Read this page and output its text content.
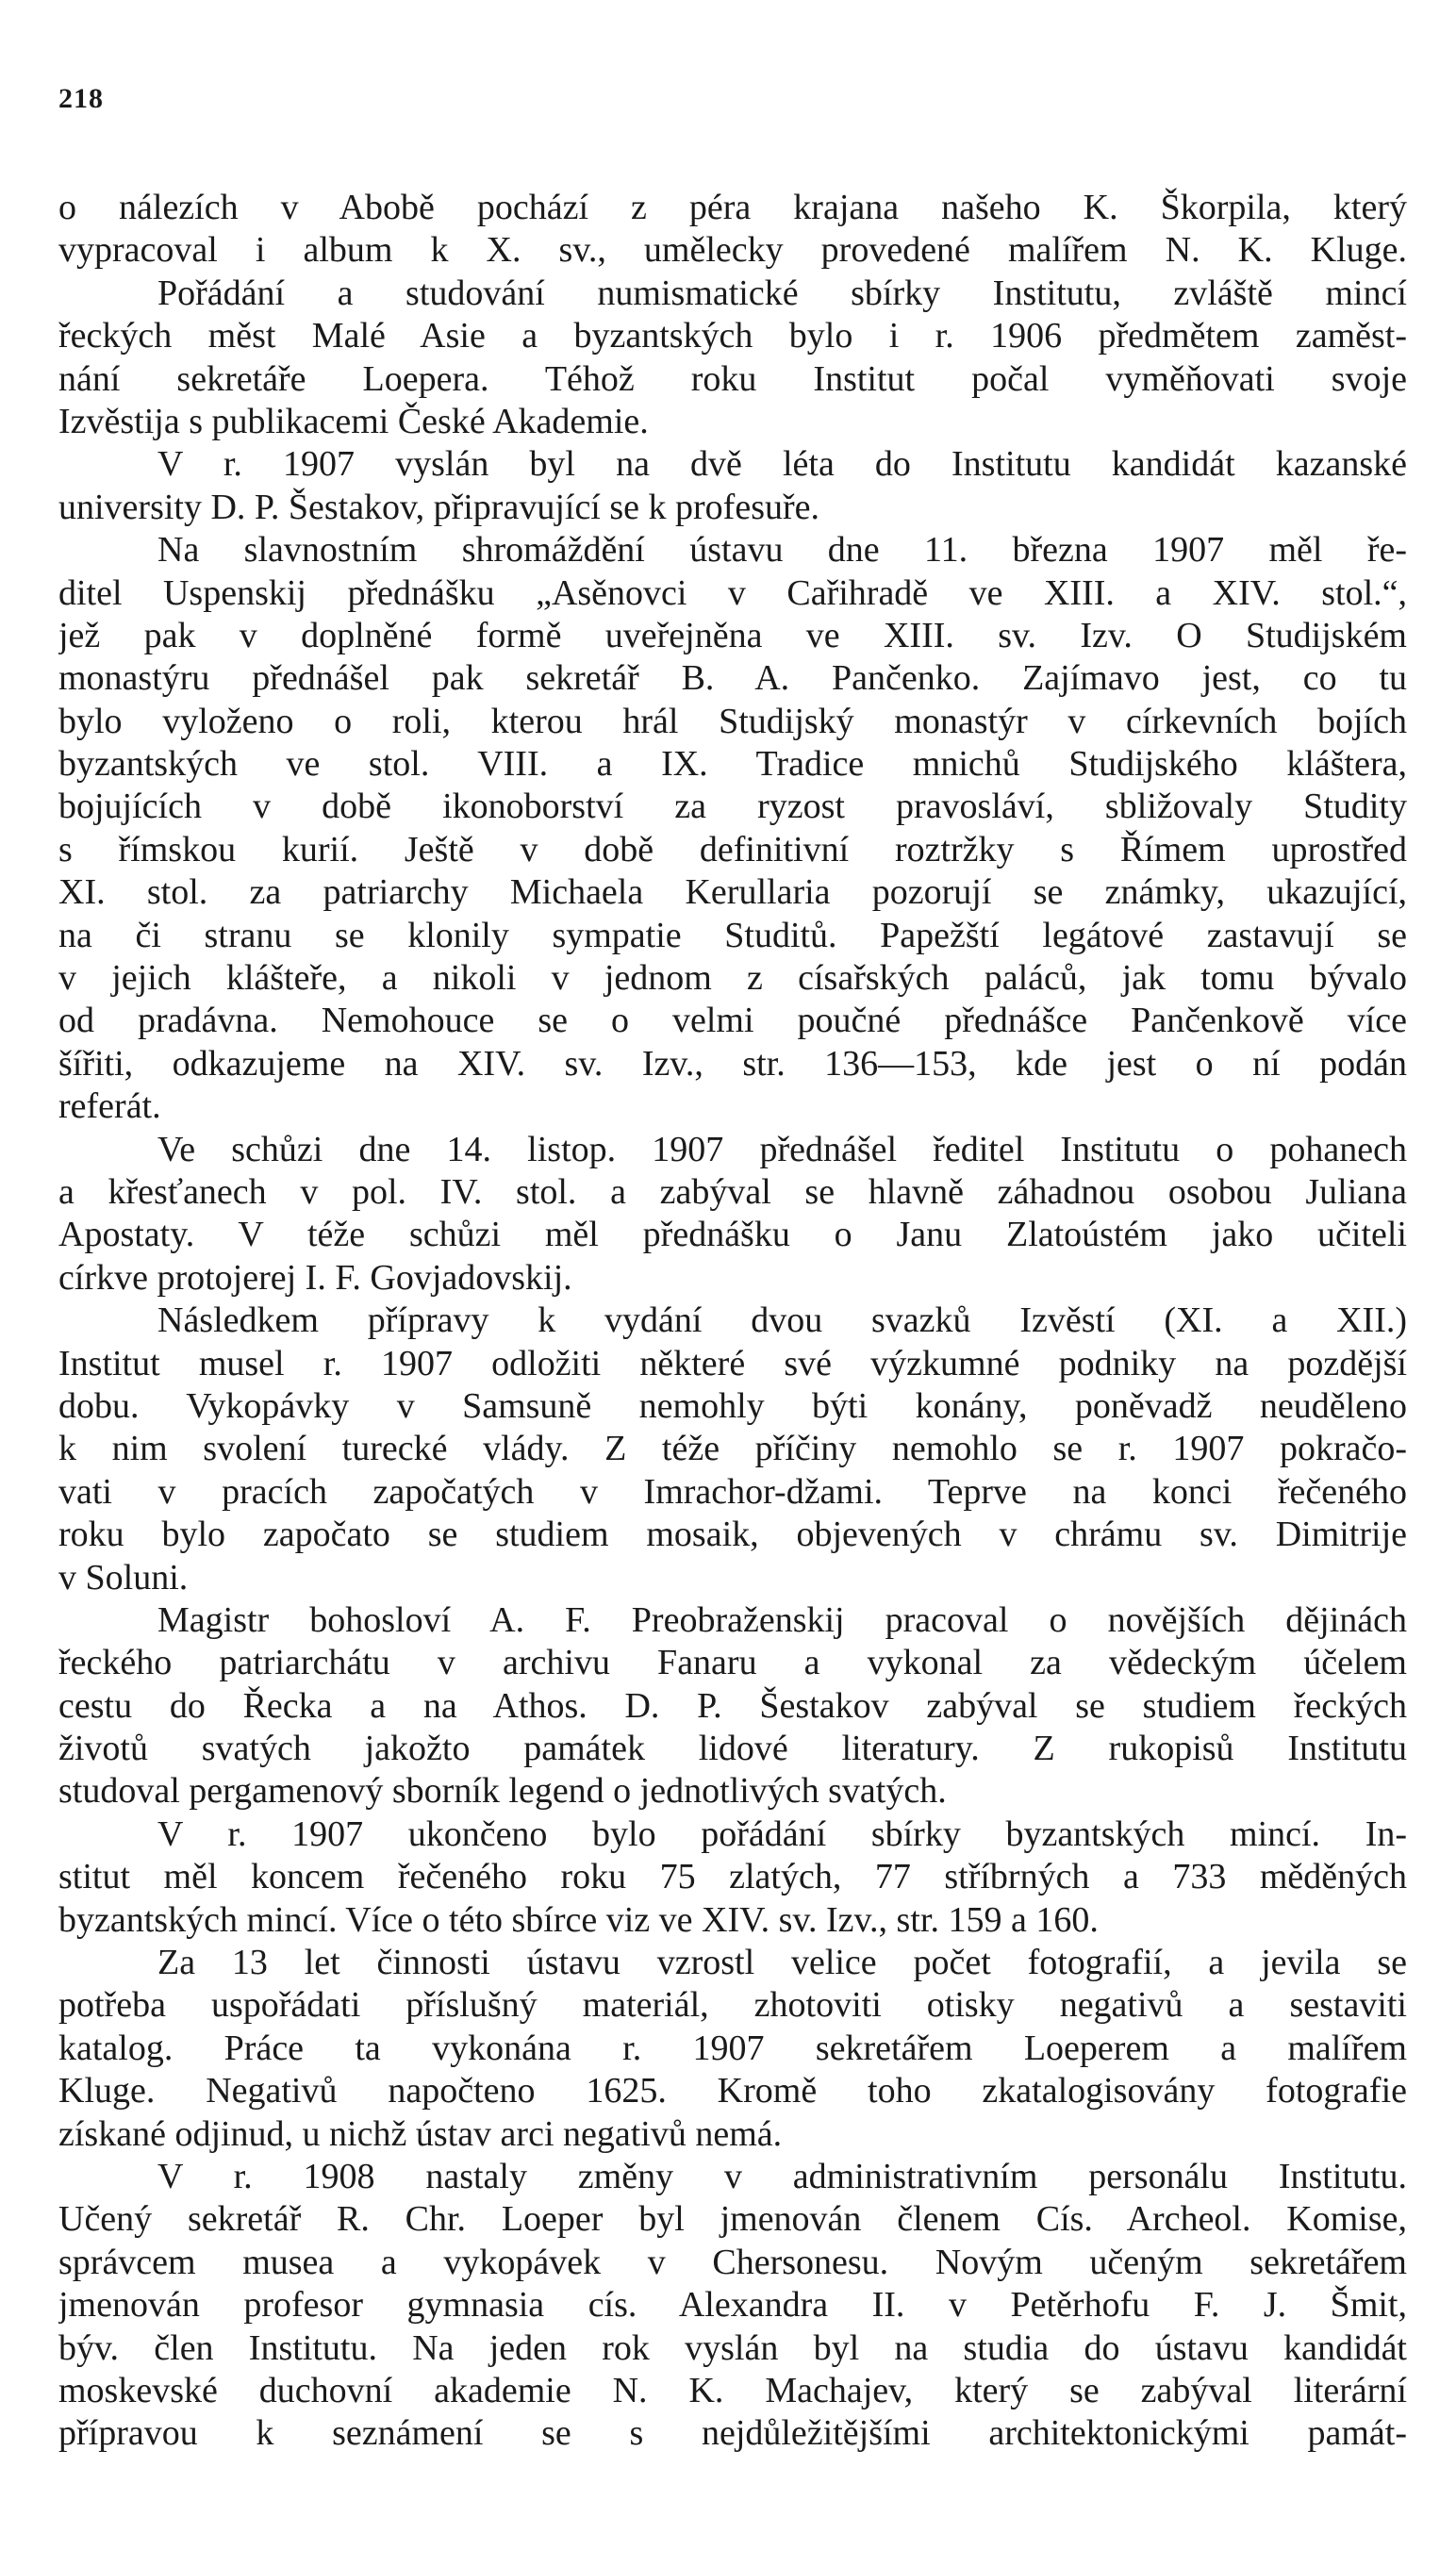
218
o nálezích v Abobě pochází z péra krajana našeho K. Škorpila, který
vypracoval i album k X. sv., umělecky provedené malířem N. K. Kluge.
Pořádání a studování numismatické sbírky Institutu, zvláště mincí
řeckých měst Malé Asie a byzantských bylo i r. 1906 předmětem zaměst-
nání sekretáře Loepera. Téhož roku Institut počal vyměňovati svoje
Izvěstija s publikacemi České Akademie.
V r. 1907 vyslán byl na dvě léta do Institutu kandidát kazanské
university D. P. Šestakov, připravující se k profesuře.
Na slavnostním shromáždění ústavu dne 11. března 1907 měl ře-
ditel Uspenskij přednášku „Asěnovci v Cařihradě ve XIII. a XIV. stol.“,
jež pak v doplněné formě uveřejněna ve XIII. sv. Izv. O Studijském
monastýru přednášel pak sekretář B. A. Pančenko. Zajímavo jest, co tu
bylo vyloženo o roli, kterou hrál Studijský monastýr v církevních bojích
byzantských ve stol. VIII. a IX. Tradice mnichů Studijského kláštera,
bojujících v době ikonoborství za ryzost pravosláví, sbližovaly Studity
s římskou kurií. Ještě v době definitivní roztržky s Římem uprostřed
XI. stol. za patriarchy Michaela Kerullaria pozorují se známky, ukazující,
na či stranu se klonily sympatie Studitů. Papežští legátové zastavují se
v jejich klášteře, a nikoli v jednom z císařských paláců, jak tomu bývalo
od pradávna. Nemohouce se o velmi poučné přednášce Pančenkově více
šířiti, odkazujeme na XIV. sv. Izv., str. 136—153, kde jest o ní podán
referát.
Ve schůzi dne 14. listop. 1907 přednášel ředitel Institutu o pohanech
a křesťanech v pol. IV. stol. a zabýval se hlavně záhadnou osobou Juliana
Apostaty. V téže schůzi měl přednášku o Janu Zlatoústém jako učiteli
církve protojerej I. F. Govjadovskij.
Následkem přípravy k vydání dvou svazků Izvěstí (XI. a XII.)
Institut musel r. 1907 odložiti některé své výzkumné podniky na pozdější
dobu. Vykopávky v Samsuně nemohly býti konány, poněvadž neuděleno
k nim svolení turecké vlády. Z téže příčiny nemohlo se r. 1907 pokračo-
vati v pracích započatých v Imrachor-džami. Teprve na konci řečeného
roku bylo započato se studiem mosaik, objevených v chrámu sv. Dimitrije
v Soluni.
Magistr bohosloví A. F. Preobraženskij pracoval o novějších dějinách
řeckého patriarchátu v archivu Fanaru a vykonal za vědeckým účelem
cestu do Řecka a na Athos. D. P. Šestakov zabýval se studiem řeckých
životů svatých jakožto památek lidové literatury. Z rukopisů Institutu
studoval pergamenový sborník legend o jednotlivých svatých.
V r. 1907 ukončeno bylo pořádání sbírky byzantských mincí. In-
stitut měl koncem řečeného roku 75 zlatých, 77 stříbrných a 733 měděných
byzantských mincí. Více o této sbírce viz ve XIV. sv. Izv., str. 159 a 160.
Za 13 let činnosti ústavu vzrostl velice počet fotografií, a jevila se
potřeba uspořádati příslušný materiál, zhotoviti otisky negativů a sestaviti
katalog. Práce ta vykonána r. 1907 sekretářem Loeperem a malířem
Kluge. Negativů napočteno 1625. Kromě toho zkatalogisovány fotografie
získané odjinud, u nichž ústav arci negativů nemá.
V r. 1908 nastaly změny v administrativním personálu Institutu.
Učený sekretář R. Chr. Loeper byl jmenován členem Cís. Archeol. Komise,
správcem musea a vykopávek v Chersonesu. Novým učeným sekretářem
jmenován profesor gymnasia cís. Alexandra II. v Petěrhofu F. J. Šmit,
býv. člen Institutu. Na jeden rok vyslán byl na studia do ústavu kandidát
moskevské duchovní akademie N. K. Machajev, který se zabýval literární
přípravou k seznámení se s nejdůležitějšími architektonickými památ-
